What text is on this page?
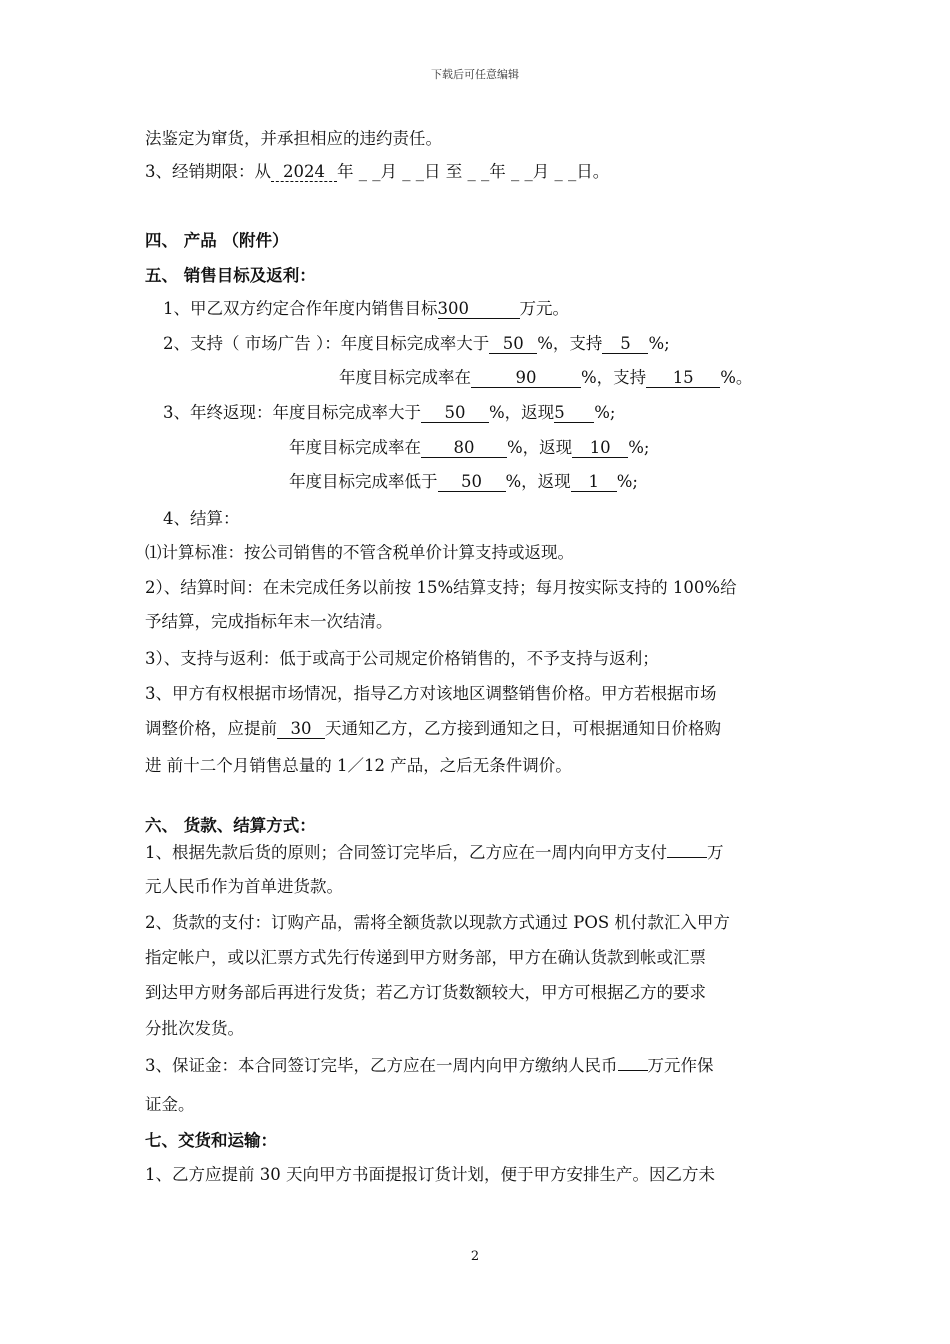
下载后可任意编辑
法鉴定为窜货，并承担相应的违约责任。
3、经销期限：从 2024 年 _ _月 _ _日 至 _ _年 _ _月 _ _日。
四、 产品 （附件）
五、 销售目标及返利：
1、甲乙双方约定合作年度内销售目标300	万元。
2、支持（ 市场广告 ）：年度目标完成率大于 50 %，支持 5 %;
年度目标完成率在	90	%，支持 15 %。
3、年终返现：年度目标完成率大于 50 %，返现5 %;
年度目标完成率在 80 %，返现 10 %;
年度目标完成率低于 50 %，返现 1 %;
4、结算：
⑴计算标准：按公司销售的不管含税单价计算支持或返现。
2）、结算时间：在未完成任务以前按 15%结算支持；每月按实际支持的 100%给
予结算，完成指标年末一次结清。
3）、支持与返利：低于或高于公司规定价格销售的，不予支持与返利；
3、甲方有权根据市场情况，指导乙方对该地区调整销售价格。甲方若根据市场
调整价格，应提前 30 天通知乙方，乙方接到通知之日，可根据通知日价格购
进 前十二个月销售总量的 1／12 产品，之后无条件调价。
六、 货款、结算方式：
1、根据先款后货的原则；合同签订完毕后，乙方应在一周内向甲方支付 万
元人民币作为首单进货款。
2、货款的支付：订购产品，需将全额货款以现款方式通过 POS 机付款汇入甲方
指定帐户，或以汇票方式先行传递到甲方财务部，甲方在确认货款到帐或汇票
到达甲方财务部后再进行发货；若乙方订货数额较大，甲方可根据乙方的要求
分批次发货。
3、保证金：本合同签订完毕，乙方应在一周内向甲方缴纳人民币 万元作保
证金。
七、交货和运输：
1、乙方应提前 30 天向甲方书面提报订货计划，便于甲方安排生产。因乙方未
2
